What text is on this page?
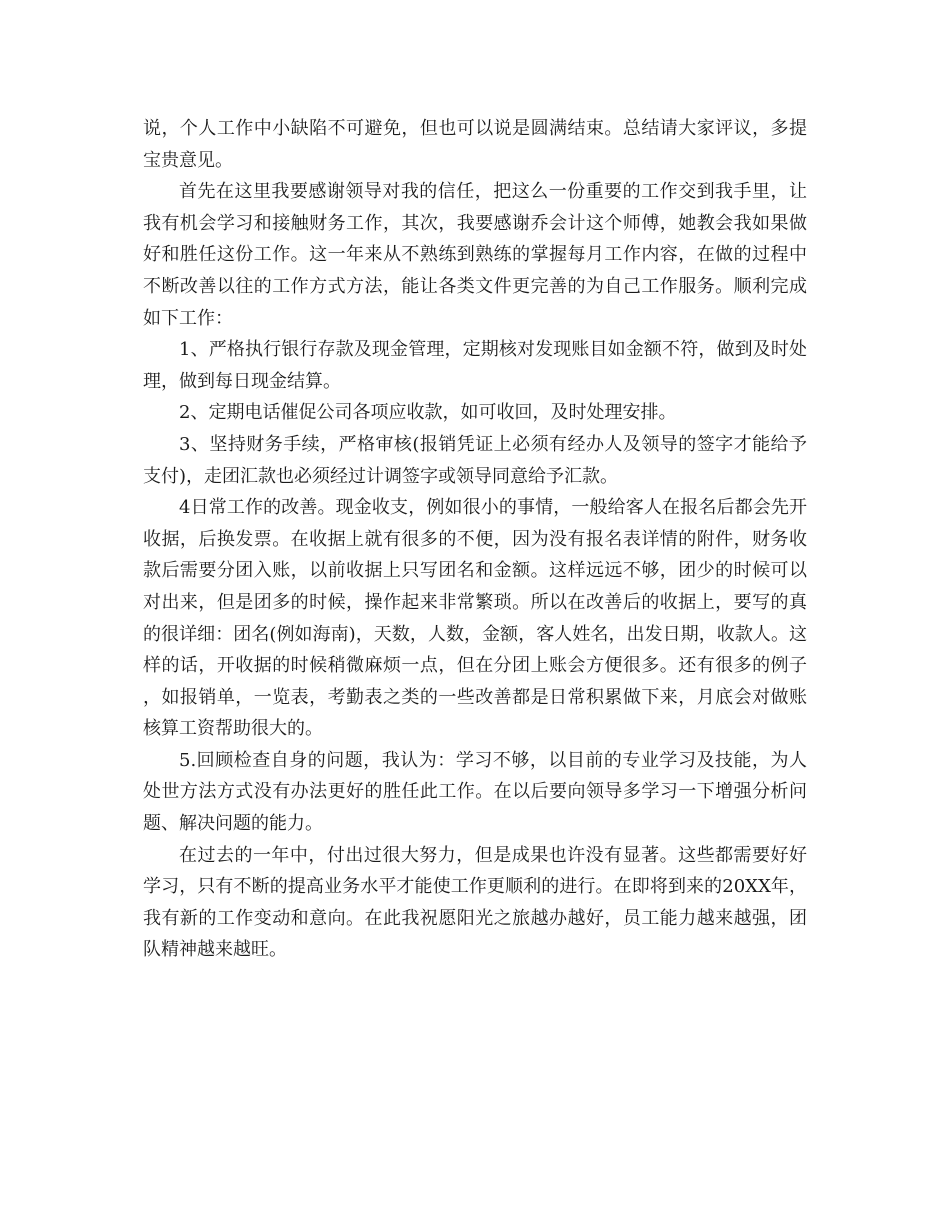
说，个人工作中小缺陷不可避免，但也可以说是圆满结束。总结请大家评议，多提宝贵意见。

首先在这里我要感谢领导对我的信任，把这么一份重要的工作交到我手里，让我有机会学习和接触财务工作，其次，我要感谢乔会计这个师傅，她教会我如果做好和胜任这份工作。这一年来从不熟练到熟练的掌握每月工作内容，在做的过程中不断改善以往的工作方式方法，能让各类文件更完善的为自己工作服务。顺利完成如下工作：

1、严格执行银行存款及现金管理，定期核对发现账目如金额不符，做到及时处理，做到每日现金结算。

2、定期电话催促公司各项应收款，如可收回，及时处理安排。

3、坚持财务手续，严格审核(报销凭证上必须有经办人及领导的签字才能给予支付)，走团汇款也必须经过计调签字或领导同意给予汇款。

4日常工作的改善。现金收支，例如很小的事情，一般给客人在报名后都会先开收据，后换发票。在收据上就有很多的不便，因为没有报名表详情的附件，财务收款后需要分团入账，以前收据上只写团名和金额。这样远远不够，团少的时候可以对出来，但是团多的时候，操作起来非常繁琐。所以在改善后的收据上，要写的真的很详细：团名(例如海南)，天数，人数，金额，客人姓名，出发日期，收款人。这样的话，开收据的时候稍微麻烦一点，但在分团上账会方便很多。还有很多的例子，如报销单，一览表，考勤表之类的一些改善都是日常积累做下来，月底会对做账核算工资帮助很大的。

5.回顾检查自身的问题，我认为：学习不够，以目前的专业学习及技能，为人处世方法方式没有办法更好的胜任此工作。在以后要向领导多学习一下增强分析问题、解决问题的能力。

在过去的一年中，付出过很大努力，但是成果也许没有显著。这些都需要好好学习，只有不断的提高业务水平才能使工作更顺利的进行。在即将到来的20XX年，我有新的工作变动和意向。在此我祝愿阳光之旅越办越好，员工能力越来越强，团队精神越来越旺。
